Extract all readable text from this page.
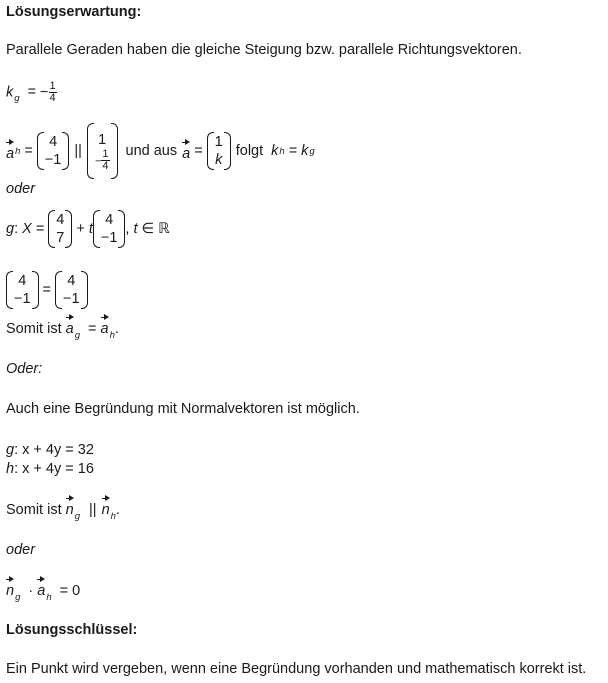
Lösungserwartung:
Parallele Geraden haben die gleiche Steigung bzw. parallele Richtungsvektoren.
$k_g$ = − $\frac{1}{4}$
a h =
4
−1
||
1
− $\frac{1}{4}$ und aus a =
1
k
folgt k h = k g
oder
g :
X =
4
7
+ t
4
−1
,
t ∈ ℝ
4
−1
=
4
−1
Somit ist $a_g = a_h$.
Oder:
Auch eine Begründung mit Normalvektoren ist möglich.
g: x + 4y = 32
h: x + 4y = 16
Somit ist $n_g$ || $n_h$.
oder
$n_g \cdot a_h = 0$
Lösungsschlüssel:
Ein Punkt wird vergeben, wenn eine Begründung vorhanden und mathematisch korrekt ist.
